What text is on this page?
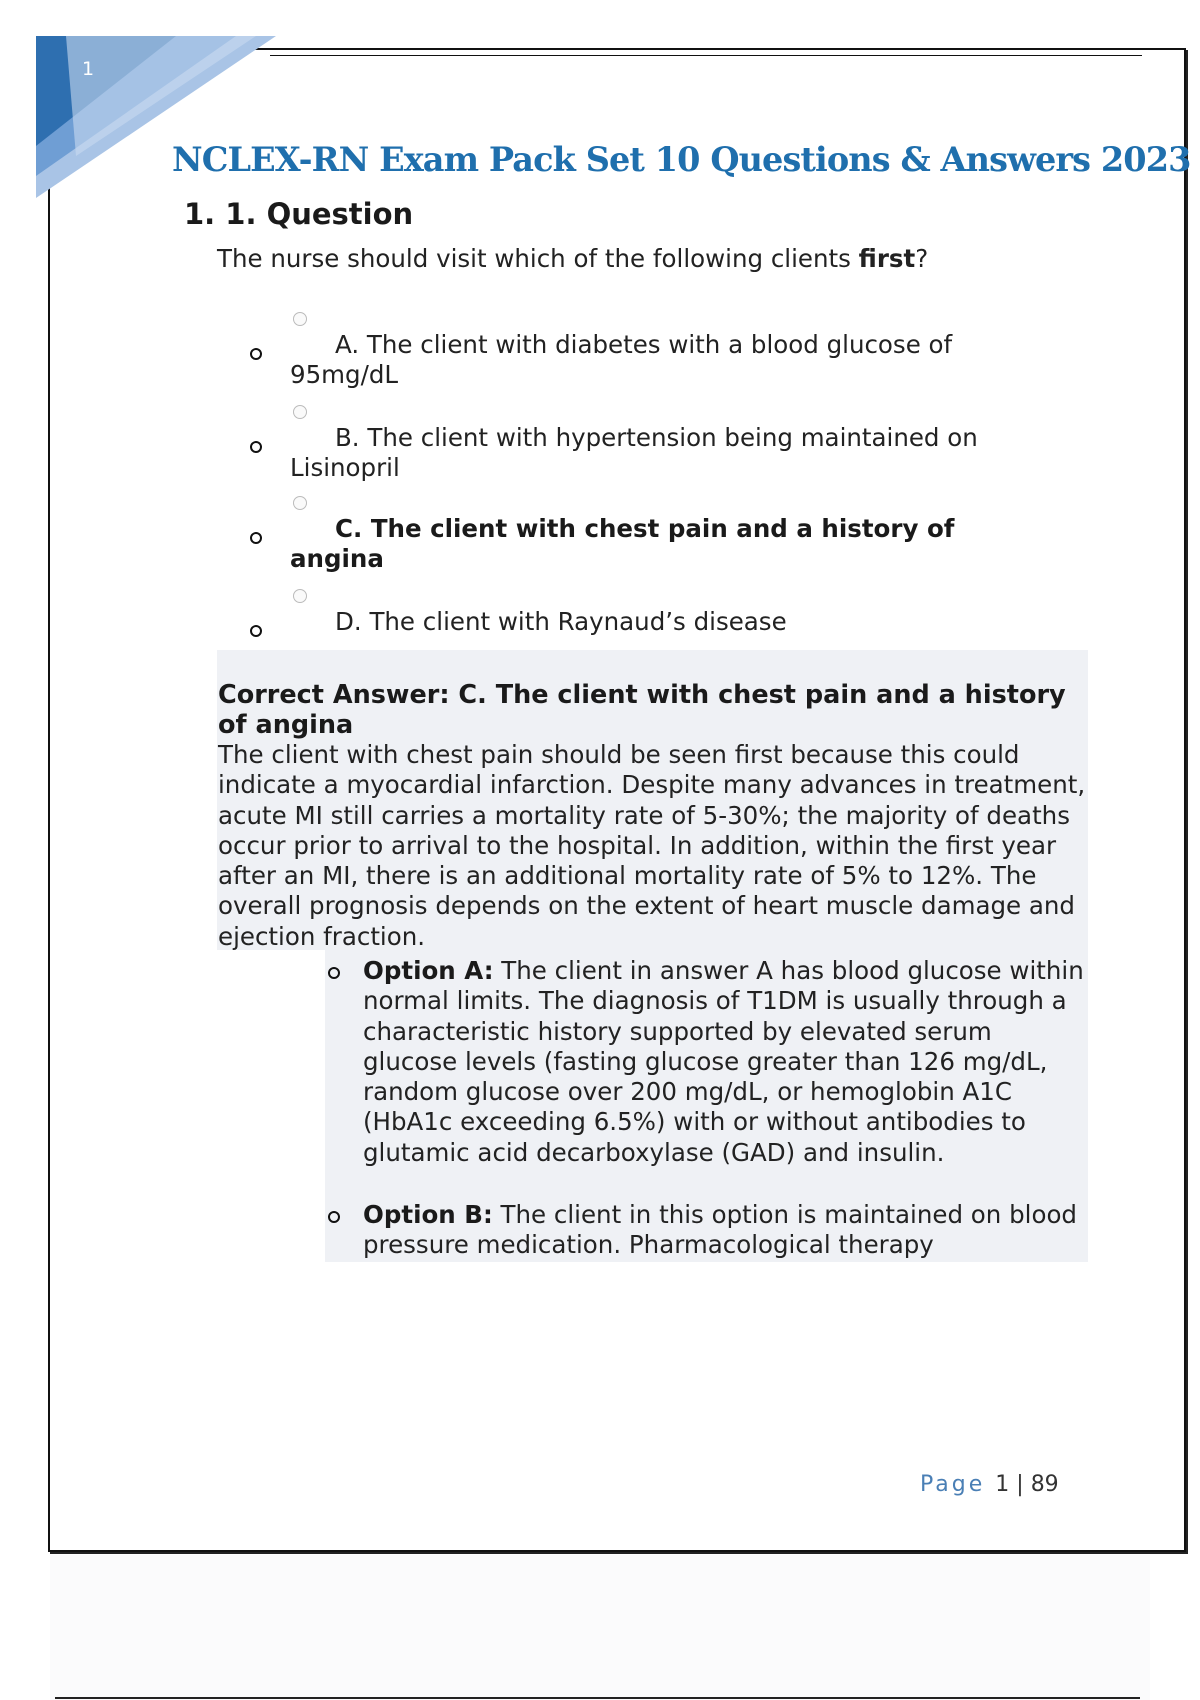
1
NCLEX-RN Exam Pack Set 10 Questions & Answers 2023
1. 1. Question
The nurse should visit which of the following clients first?
A. The client with diabetes with a blood glucose of 95mg/dL
B. The client with hypertension being maintained on Lisinopril
C. The client with chest pain and a history of angina
D. The client with Raynaud’s disease
Correct Answer: C. The client with chest pain and a history of angina
The client with chest pain should be seen first because this could indicate a myocardial infarction. Despite many advances in treatment, acute MI still carries a mortality rate of 5-30%; the majority of deaths occur prior to arrival to the hospital. In addition, within the first year after an MI, there is an additional mortality rate of 5% to 12%. The overall prognosis depends on the extent of heart muscle damage and ejection fraction.
Option A: The client in answer A has blood glucose within normal limits. The diagnosis of T1DM is usually through a characteristic history supported by elevated serum glucose levels (fasting glucose greater than 126 mg/dL, random glucose over 200 mg/dL, or hemoglobin A1C (HbA1c exceeding 6.5%) with or without antibodies to glutamic acid decarboxylase (GAD) and insulin.
Option B: The client in this option is maintained on blood pressure medication. Pharmacological therapy
Page 1 | 89
